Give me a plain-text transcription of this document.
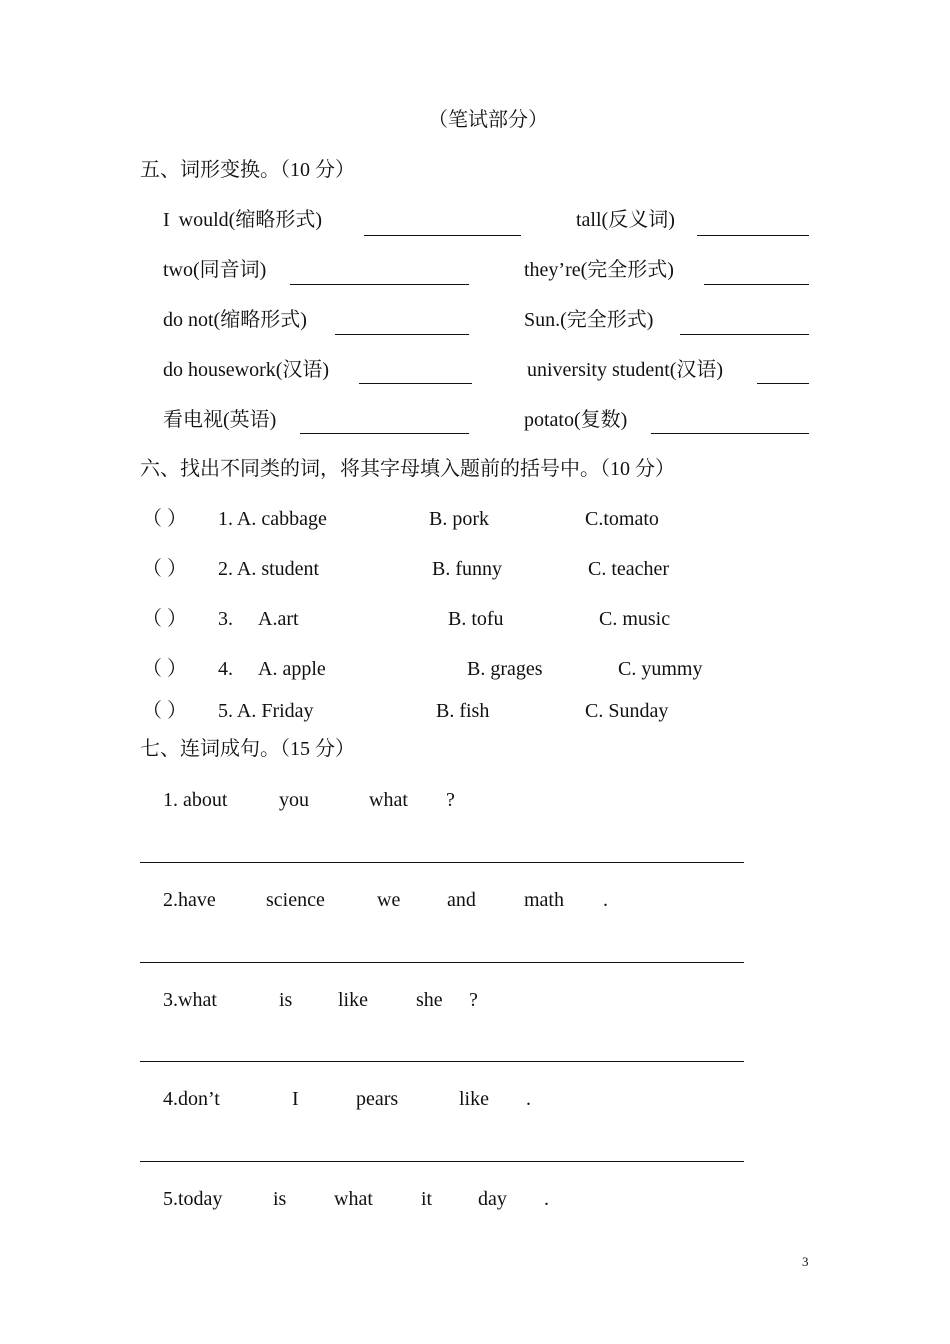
（笔试部分）
五、词形变换。（10 分）
I would(缩略形式)	tall(反义词)
two(同音词)	they’re(完全形式)
do not(缩略形式)	Sun.(完全形式)
do housework(汉语)	university student(汉语)
看电视(英语)	potato(复数)
六、找出不同类的词，将其字母填入题前的括号中。（10 分）
（ ） 1. A. cabbage	B. pork	C.tomato
（ ） 2. A. student	B. funny	C. teacher
（ ） 3. A.art	B. tofu	C. music
（ ） 4. A. apple	B. grages	C. yummy
（ ） 5. A. Friday	B. fish	C. Sunday
七、连词成句。（15 分）
1. about	you	what ?
2.have	science	we and math .
3.what	is like she ?
4.don’t	I	pears	like .
5.today	is what it day .
3
